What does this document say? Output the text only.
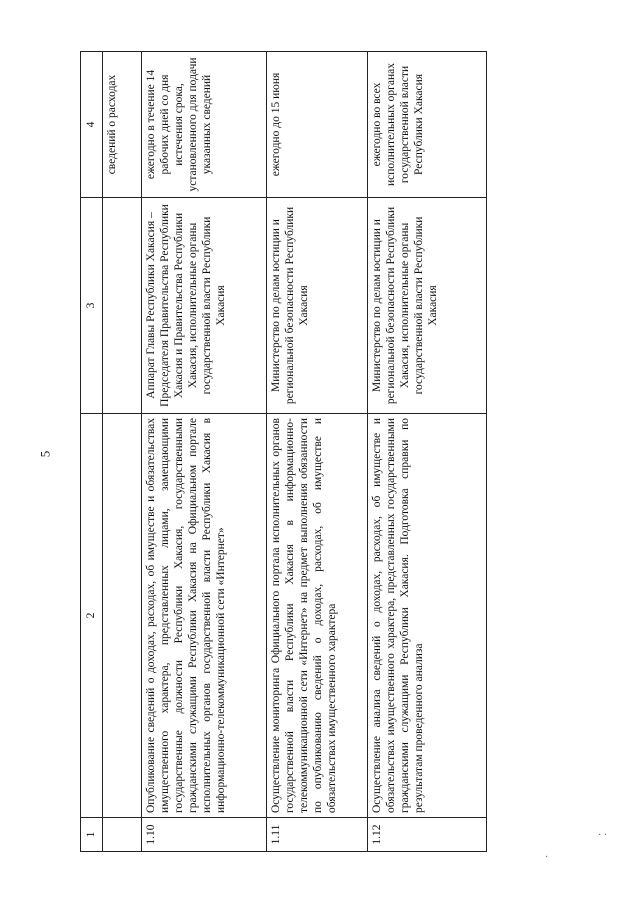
5
1	2	3	4
			сведений о расходах
1.10	Опубликование сведений о доходах, расходах, об имуществе и обязательствах имущественного характера, представленных лицами, замещающими государственные должности Республики Хакасия, государственными гражданскими служащими Республики Хакасия на Официальном портале исполнительных органов государственной власти Республики Хакасия в информационно-телекоммуникационной сети «Интернет»	Аппарат Главы Республики Хакасия – Председателя Правительства Республики Хакасия и Правительства Республики Хакасия, исполнительные органы государственной власти Республики Хакасия	ежегодно в течение 14 рабочих дней со дня истечения срока, установленного для подачи указанных сведений
1.11	Осуществление мониторинга Официального портала исполнительных органов государственной власти Республики Хакасия в информационно-телекоммуникационной сети «Интернет» на предмет выполнения обязанности по опубликованию сведений о доходах, расходах, об имуществе и обязательствах имущественного характера	Министерство по делам юстиции и региональной безопасности Республики Хакасия	ежегодно до 15 июня
1.12	Осуществление анализа сведений о доходах, расходах, об имуществе и обязательствах имущественного характера, представленных государственными гражданскими служащими Республики Хакасия. Подготовка справки по результатам проведенного анализа	Министерство по делам юстиции и региональной безопасности Республики Хакасия, исполнительные органы государственной власти Республики Хакасия	ежегодно во всех исполнительных органах государственной власти Республики Хакасия
·
· ·
